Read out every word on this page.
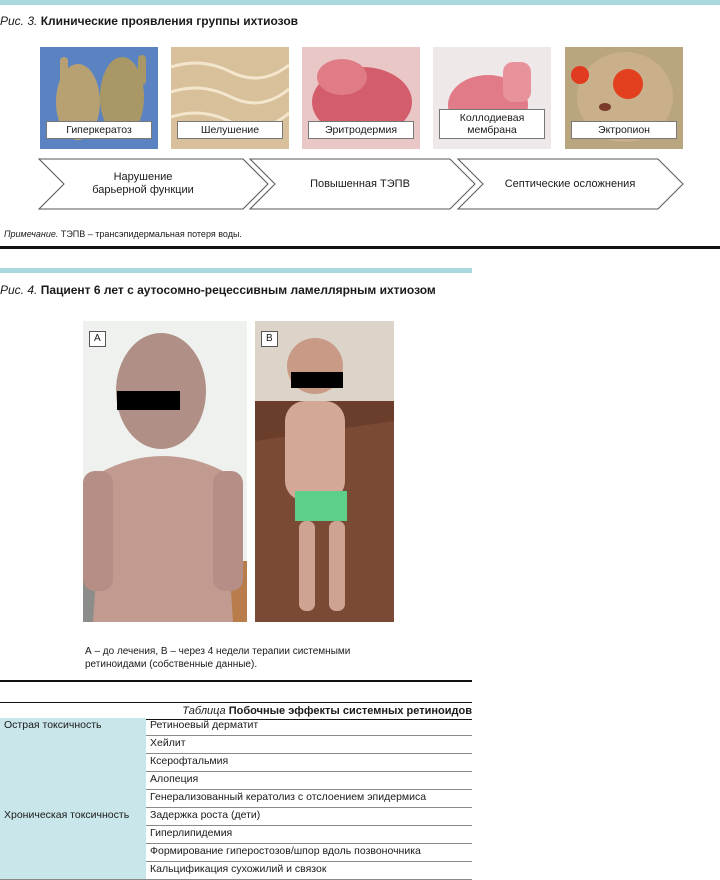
Рис. 3. Клинические проявления группы ихтиозов
Гиперкератоз	Шелушение	Эритродермия
Коллодиевая мембрана	Эктропион
Нарушение барьерной функции	Повышенная ТЭПВ	Септические осложнения
Примечание. ТЭПВ – трансэпидермальная потеря воды.
Рис. 4. Пациент 6 лет с аутосомно-рецессивным ламеллярным ихтиозом
A	B
А – до лечения, В – через 4 недели терапии системными ретиноидами (собственные данные).
Таблица Побочные эффекты системных ретиноидов
Острая токсичность	Ретиноевый дерматит
	Хейлит
	Ксерофтальмия
	Алопеция
	Генерализованный кератолиз с отслоением эпидермиса
Хроническая токсичность	Задержка роста (дети)
	Гиперлипидемия
	Формирование гиперостозов/шпор вдоль позвоночника
	Кальцификация сухожилий и связок
